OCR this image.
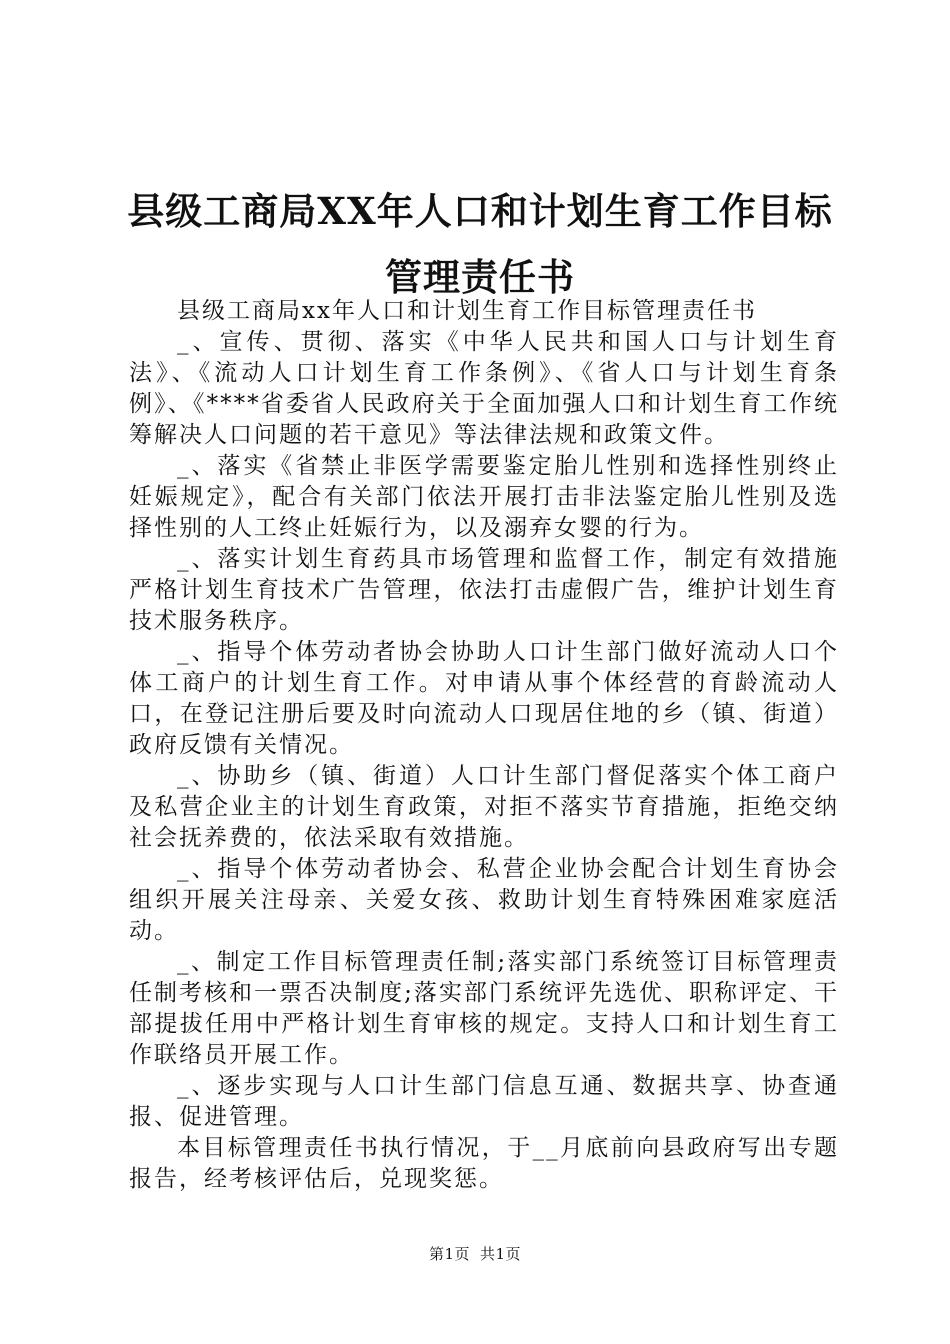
县级工商局XX年人口和计划生育工作目标管理责任书

县级工商局xx年人口和计划生育工作目标管理责任书

_、宣传、贯彻、落实《中华人民共和国人口与计划生育法》、《流动人口计划生育工作条例》、《省人口与计划生育条例》、《****省委省人民政府关于全面加强人口和计划生育工作统筹解决人口问题的若干意见》等法律法规和政策文件。

_、落实《省禁止非医学需要鉴定胎儿性别和选择性别终止妊娠规定》，配合有关部门依法开展打击非法鉴定胎儿性别及选择性别的人工终止妊娠行为，以及溺弃女婴的行为。

_、落实计划生育药具市场管理和监督工作，制定有效措施严格计划生育技术广告管理，依法打击虚假广告，维护计划生育技术服务秩序。

_、指导个体劳动者协会协助人口计生部门做好流动人口个体工商户的计划生育工作。对申请从事个体经营的育龄流动人口，在登记注册后要及时向流动人口现居住地的乡（镇、街道）政府反馈有关情况。

_、协助乡（镇、街道）人口计生部门督促落实个体工商户及私营企业主的计划生育政策，对拒不落实节育措施，拒绝交纳社会抚养费的，依法采取有效措施。

_、指导个体劳动者协会、私营企业协会配合计划生育协会组织开展关注母亲、关爱女孩、救助计划生育特殊困难家庭活动。

_、制定工作目标管理责任制;落实部门系统签订目标管理责任制考核和一票否决制度;落实部门系统评先选优、职称评定、干部提拔任用中严格计划生育审核的规定。支持人口和计划生育工作联络员开展工作。

_、逐步实现与人口计生部门信息互通、数据共享、协查通报、促进管理。

本目标管理责任书执行情况，于__月底前向县政府写出专题报告，经考核评估后，兑现奖惩。

第1页 共1页
